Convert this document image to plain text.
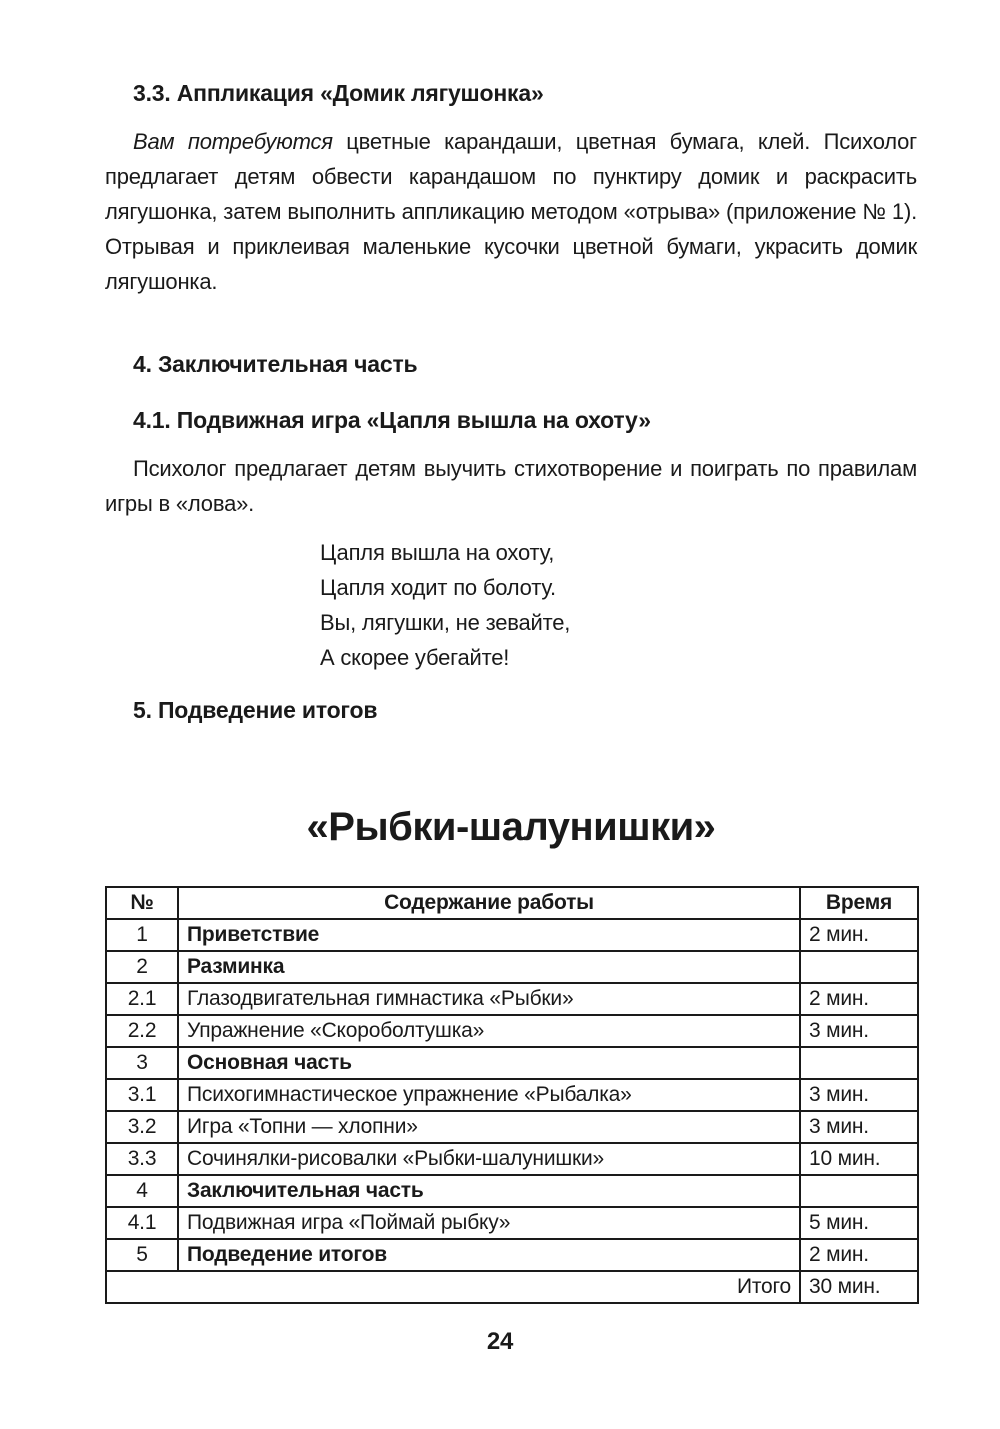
3.3. Аппликация «Домик лягушонка»

Вам потребуются цветные карандаши, цветная бумага, клей. Психолог предлагает детям обвести карандашом по пунктиру домик и раскрасить лягушонка, затем выполнить аппликацию методом «отрыва» (приложение № 1). Отрывая и приклеивая маленькие кусочки цветной бумаги, украсить домик лягушонка.

4. Заключительная часть
4.1. Подвижная игра «Цапля вышла на охоту»

Психолог предлагает детям выучить стихотворение и поиграть по правилам игры в «лова».

Цапля вышла на охоту,
Цапля ходит по болоту.
Вы, лягушки, не зевайте,
А скорее убегайте!
5. Подведение итогов
«Рыбки-шалунишки»
№	Содержание работы	Время
1	Приветствие	2 мин.
2	Разминка	
2.1	Глазодвигательная гимнастика «Рыбки»	2 мин.
2.2	Упражнение «Скороболтушка»	3 мин.
3	Основная часть	
3.1	Психогимнастическое упражнение «Рыбалка»	3 мин.
3.2	Игра «Топни — хлопни»	3 мин.
3.3	Сочинялки-рисовалки «Рыбки-шалунишки»	10 мин.
4	Заключительная часть	
4.1	Подвижная игра «Поймай рыбку»	5 мин.
5	Подведение итогов	2 мин.
Итого		30 мин.
24
